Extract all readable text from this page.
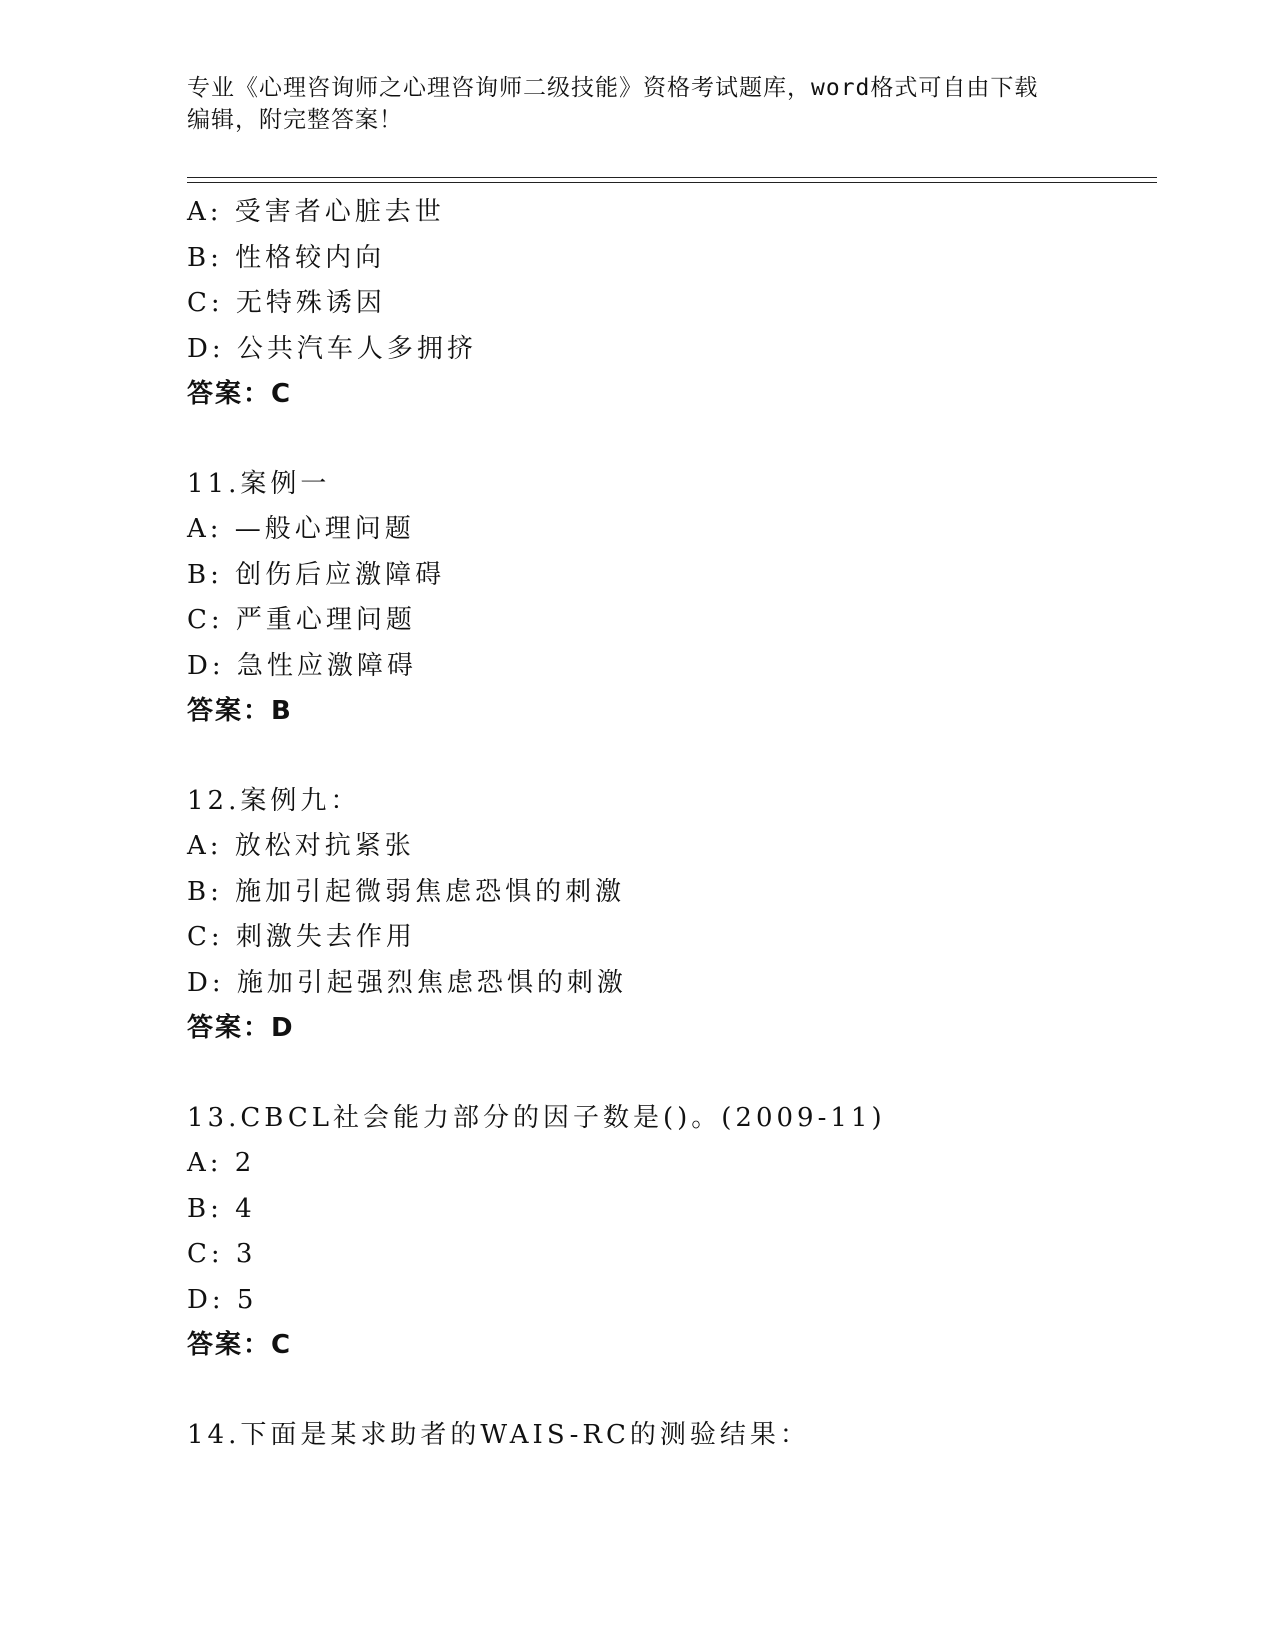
专业《心理咨询师之心理咨询师二级技能》资格考试题库，word格式可自由下载
编辑，附完整答案！
A: 受害者心脏去世
B: 性格较内向
C: 无特殊诱因
D: 公共汽车人多拥挤
答案：C
11.案例一
A: —般心理问题
B: 创伤后应激障碍
C: 严重心理问题
D: 急性应激障碍
答案：B
12.案例九：
A: 放松对抗紧张
B: 施加引起微弱焦虑恐惧的刺激
C: 刺激失去作用
D: 施加引起强烈焦虑恐惧的刺激
答案：D
13.CBCL社会能力部分的因子数是()。(2009-11)
A: 2
B: 4
C: 3
D: 5
答案：C
14.下面是某求助者的WAIS-RC的测验结果：
